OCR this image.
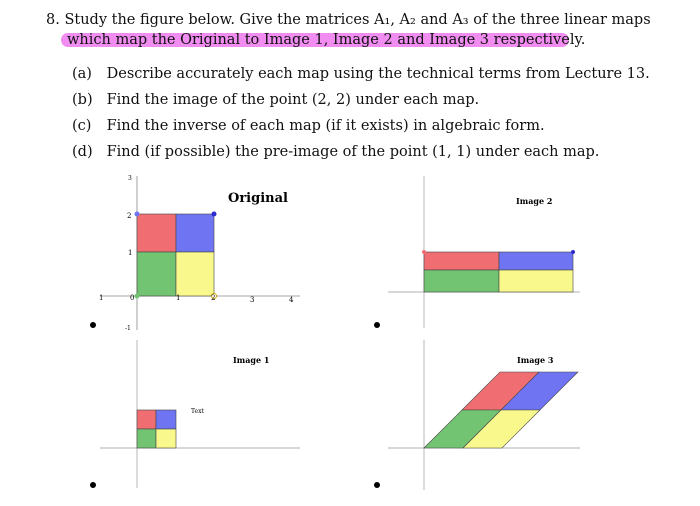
8. Study the figure below. Give the matrices A₁, A₂ and A₃ of the three linear maps
which map the Original to Image 1, Image 2 and Image 3 respectively.
(a) Describe accurately each map using the technical terms from Lecture 13.
(b) Find the image of the point (2, 2) under each map.
(c) Find the inverse of each map (if it exists) in algebraic form.
(d) Find (if possible) the pre-image of the point (1, 1) under each map.
Original
1	0	1	2	3	4
3
2
1
-1
Image 2
Image 1
Text
Image 3
